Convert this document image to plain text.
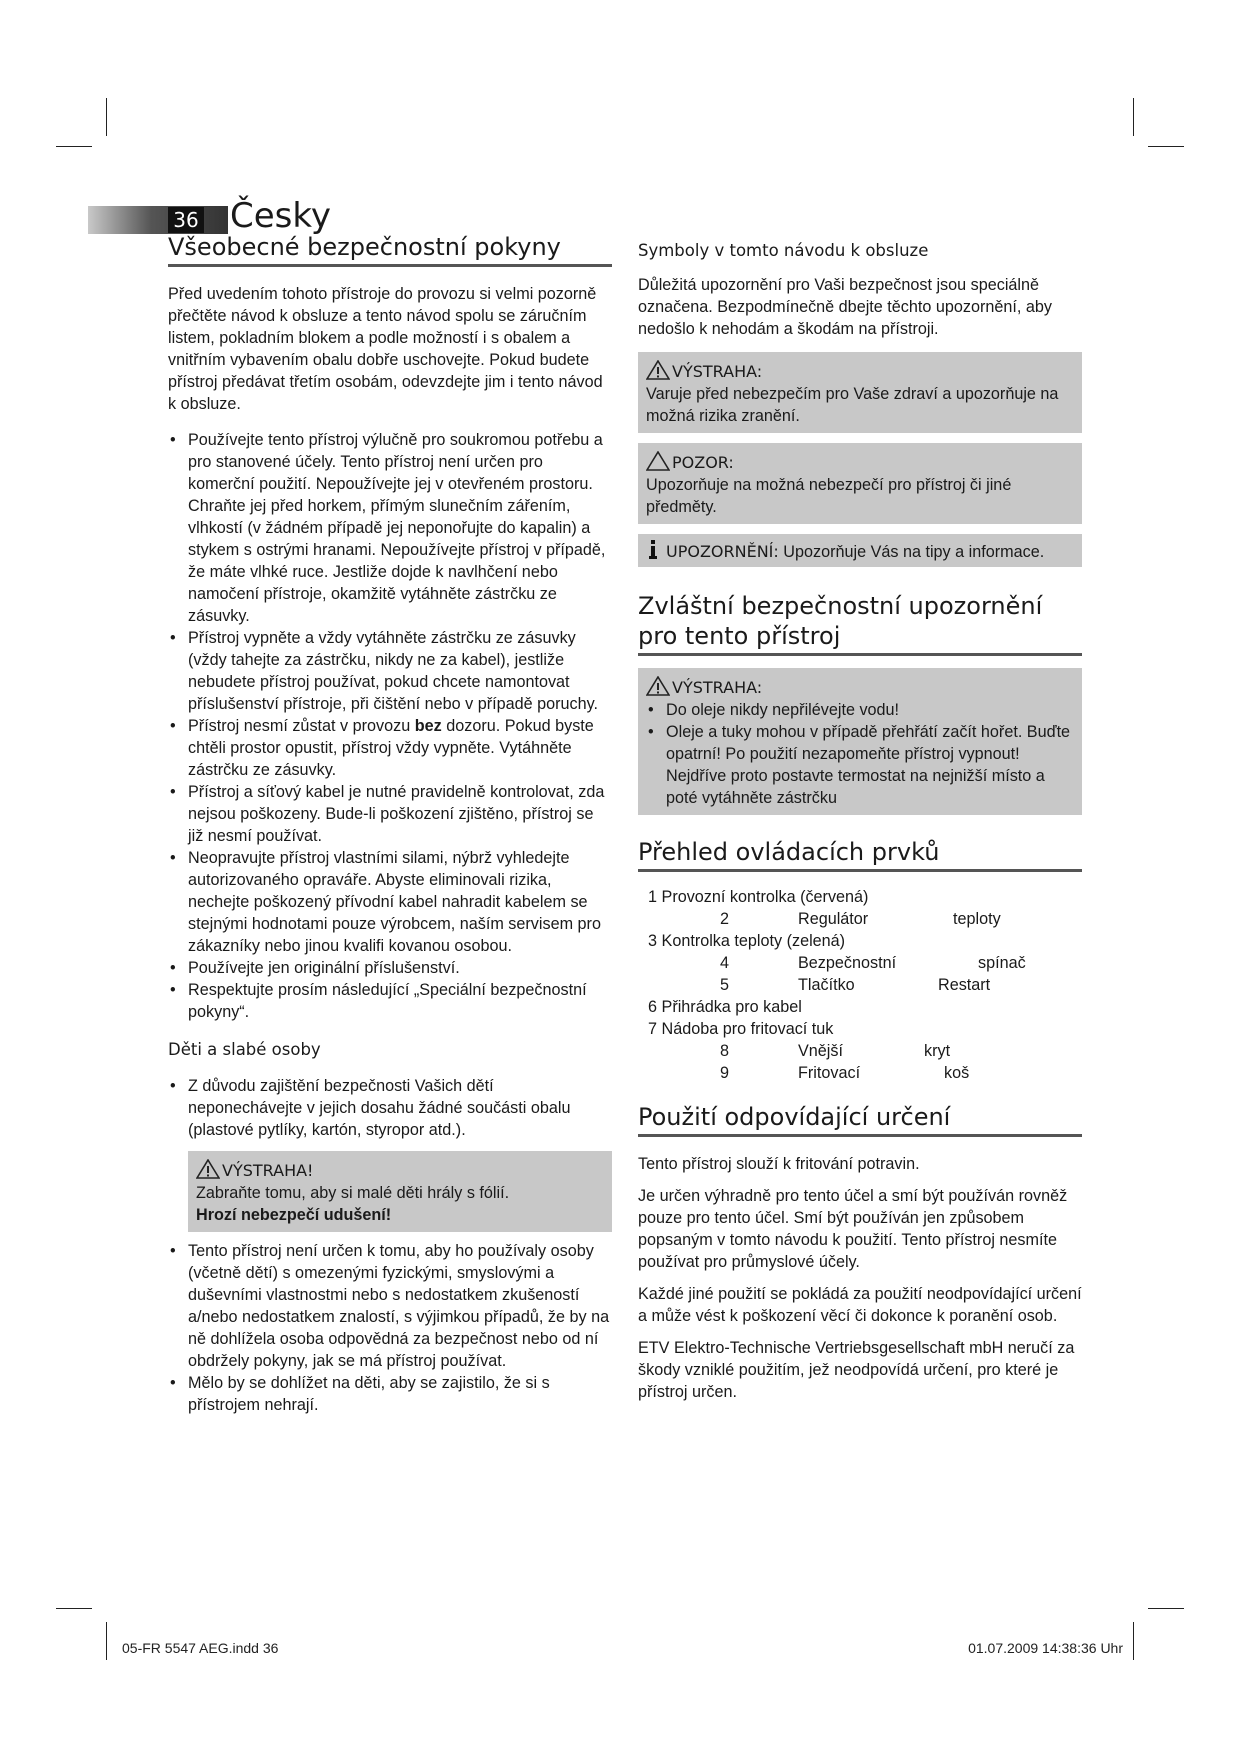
36 Česky
Všeobecné bezpečnostní pokyny

Před uvedením tohoto přístroje do provozu si velmi pozorně přečtěte návod k obsluze a tento návod spolu se záručním listem, pokladním blokem a podle možností i s obalem a vnitřním vybavením obalu dobře uschovejte. Pokud budete přístroj předávat třetím osobám, odevzdejte jim i tento návod k obsluze.

• Používejte tento přístroj výlučně pro soukromou potřebu a pro stanovené účely. Tento přístroj není určen pro komerční použití. Nepoužívejte jej v otevřeném prostoru. Chraňte jej před horkem, přímým slunečním zářením, vlhkostí (v žádném případě jej neponořujte do kapalin) a stykem s ostrými hranami. Nepoužívejte přístroj v případě, že máte vlhké ruce. Jestliže dojde k navlhčení nebo namočení přístroje, okamžitě vytáhněte zástrčku ze zásuvky.
• Přístroj vypněte a vždy vytáhněte zástrčku ze zásuvky (vždy tahejte za zástrčku, nikdy ne za kabel), jestliže nebudete přístroj používat, pokud chcete namontovat příslušenství přístroje, při čištění nebo v případě poruchy.
• Přístroj nesmí zůstat v provozu bez dozoru. Pokud byste chtěli prostor opustit, přístroj vždy vypněte. Vytáhněte zástrčku ze zásuvky.
• Přístroj a síťový kabel je nutné pravidelně kontrolovat, zda nejsou poškozeny. Bude-li poškození zjištěno, přístroj se již nesmí používat.
• Neopravujte přístroj vlastními silami, nýbrž vyhledejte autorizovaného opraváře. Abyste eliminovali rizika, nechejte poškozený přívodní kabel nahradit kabelem se stejnými hodnotami pouze výrobcem, naším servisem pro zákazníky nebo jinou kvalifi kovanou osobou.
• Používejte jen originální příslušenství.
• Respektujte prosím následující „Speciální bezpečnostní pokyny“.
Děti a slabé osoby
• Z důvodu zajištění bezpečnosti Vašich dětí neponechávejte v jejich dosahu žádné součásti obalu (plastové pytlíky, kartón, styropor atd.).
VÝSTRAHA!
Zabraňte tomu, aby si malé děti hrály s fólií.
Hrozí nebezpečí udušení!
• Tento přístroj není určen k tomu, aby ho používaly osoby (včetně dětí) s omezenými fyzickými, smyslovými a duševními vlastnostmi nebo s nedostatkem zkušeností a/nebo nedostatkem znalostí, s výjimkou případů, že by na ně dohlížela osoba odpovědná za bezpečnost nebo od ní obdržely pokyny, jak se má přístroj používat.
• Mělo by se dohlížet na děti, aby se zajistilo, že si s přístrojem nehrají.
Symboly v tomto návodu k obsluze

Důležitá upozornění pro Vaši bezpečnost jsou speciálně označena. Bezpodmínečně dbejte těchto upozornění, aby nedošlo k nehodám a škodám na přístroji.

VÝSTRAHA:
Varuje před nebezpečím pro Vaše zdraví a upozorňuje na možná rizika zranění.
POZOR:
Upozorňuje na možná nebezpečí pro přístroj či jiné předměty.
UPOZORNĚNÍ: Upozorňuje Vás na tipy a informace.
Zvláštní bezpečnostní upozornění
pro tento přístroj
VÝSTRAHA:
• Do oleje nikdy nepřilévejte vodu!
• Oleje a tuky mohou v případě přehřátí začít hořet. Buďte opatrní! Po použití nezapomeňte přístroj vypnout! Nejdříve proto postavte termostat na nejnižší místo a poté vytáhněte zástrčku
Přehled ovládacích prvků
1 Provozní kontrolka (červená)
2	Regulátor	teploty
3 Kontrolka teploty (zelená)
4	Bezpečnostní	spínač
5	Tlačítko	Restart
6 Přihrádka pro kabel
7 Nádoba pro fritovací tuk
8	Vnější	kryt
9	Fritovací	koš
Použití odpovídající určení

Tento přístroj slouží k fritování potravin.

Je určen výhradně pro tento účel a smí být používán rovněž pouze pro tento účel. Smí být používán jen způsobem popsaným v tomto návodu k použití. Tento přístroj nesmíte používat pro průmyslové účely.

Každé jiné použití se pokládá za použití neodpovídající určení a může vést k poškození věcí či dokonce k poranění osob.

ETV Elektro-Technische Vertriebsgesellschaft mbH neručí za škody vzniklé použitím, jež neodpovídá určení, pro které je přístroj určen.

05-FR 5547 AEG.indd 36	01.07.2009 14:38:36 Uhr
